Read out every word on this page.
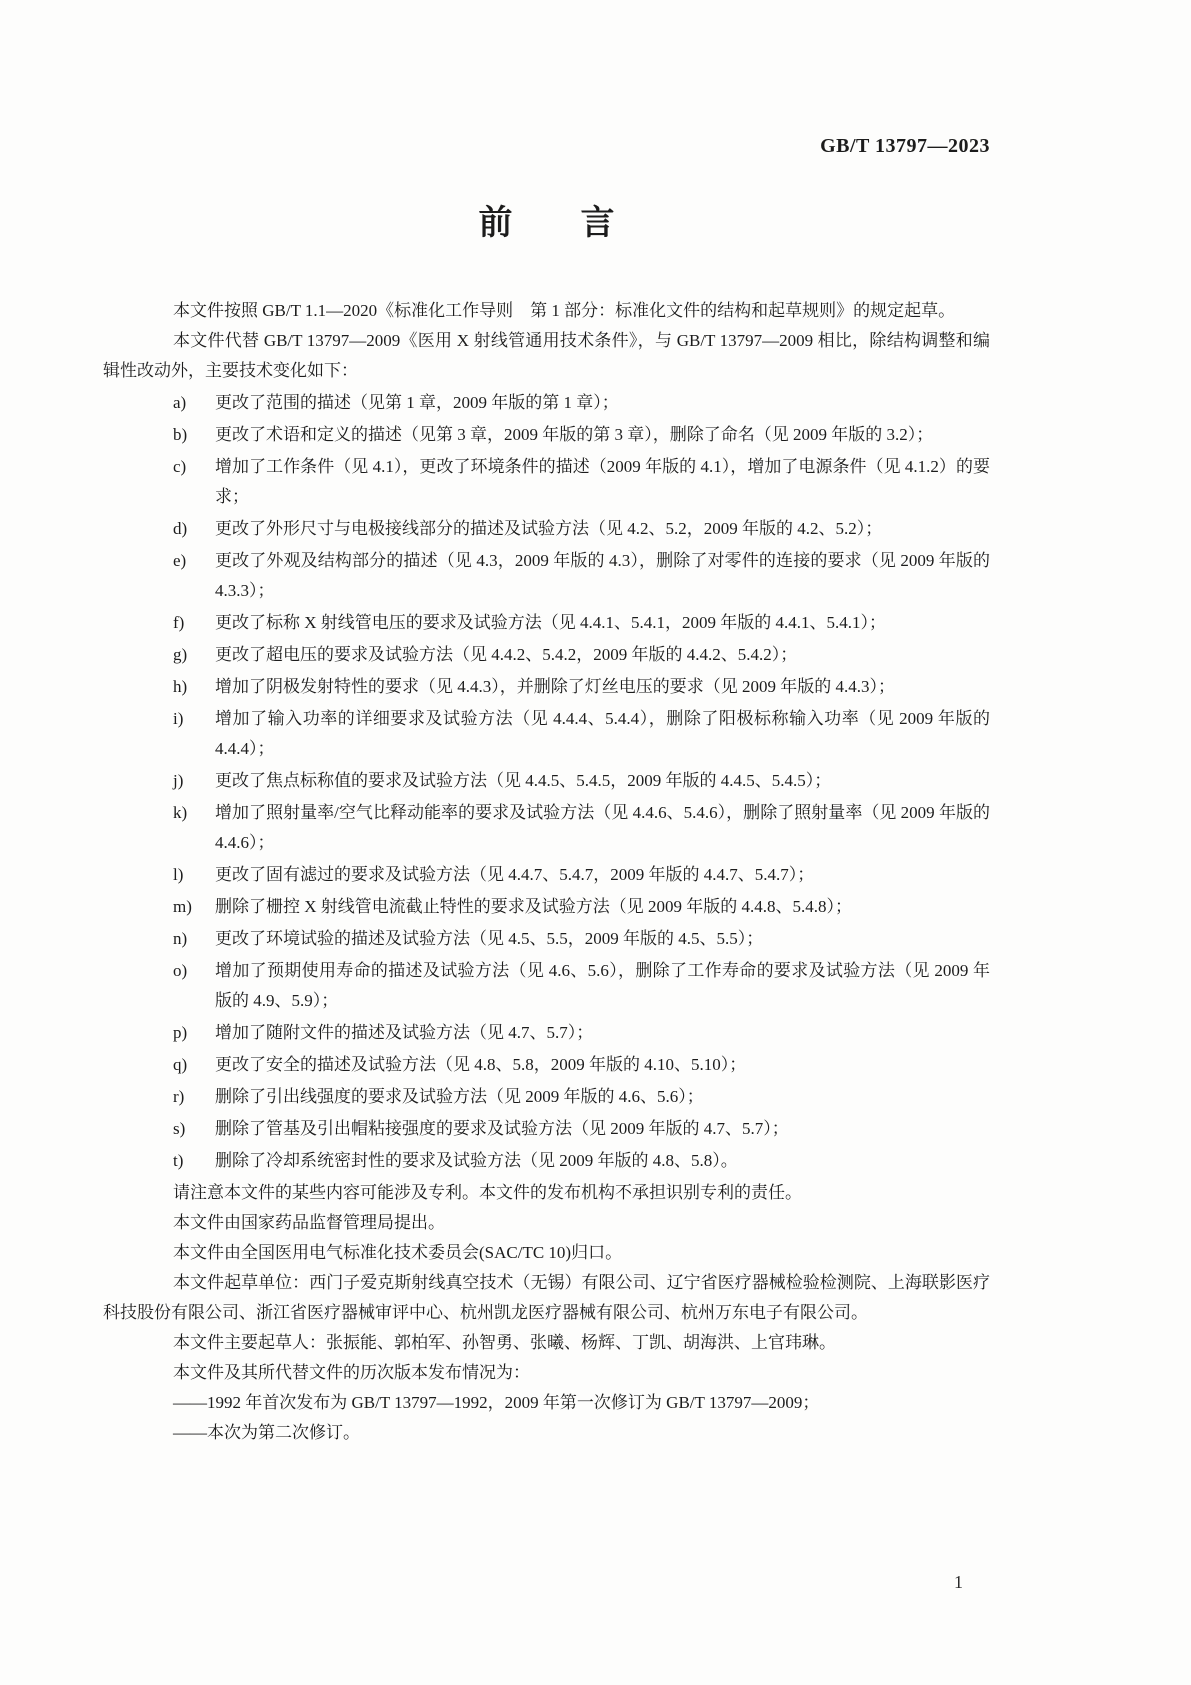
GB/T 13797—2023
前　　言

本文件按照 GB/T 1.1—2020《标准化工作导则　第 1 部分：标准化文件的结构和起草规则》的规定起草。

本文件代替 GB/T 13797—2009《医用 X 射线管通用技术条件》，与 GB/T 13797—2009 相比，除结构调整和编辑性改动外，主要技术变化如下：

a)	更改了范围的描述（见第 1 章，2009 年版的第 1 章）；
b)	更改了术语和定义的描述（见第 3 章，2009 年版的第 3 章），删除了命名（见 2009 年版的 3.2）；
c)	增加了工作条件（见 4.1），更改了环境条件的描述（2009 年版的 4.1），增加了电源条件（见 4.1.2）的要求；
d)	更改了外形尺寸与电极接线部分的描述及试验方法（见 4.2、5.2，2009 年版的 4.2、5.2）；
e)	更改了外观及结构部分的描述（见 4.3，2009 年版的 4.3），删除了对零件的连接的要求（见 2009 年版的 4.3.3）；
f)	更改了标称 X 射线管电压的要求及试验方法（见 4.4.1、5.4.1，2009 年版的 4.4.1、5.4.1）；
g)	更改了超电压的要求及试验方法（见 4.4.2、5.4.2，2009 年版的 4.4.2、5.4.2）；
h)	增加了阴极发射特性的要求（见 4.4.3），并删除了灯丝电压的要求（见 2009 年版的 4.4.3）；
i)	增加了输入功率的详细要求及试验方法（见 4.4.4、5.4.4），删除了阳极标称输入功率（见 2009 年版的 4.4.4）；
j)	更改了焦点标称值的要求及试验方法（见 4.4.5、5.4.5，2009 年版的 4.4.5、5.4.5）；
k)	增加了照射量率/空气比释动能率的要求及试验方法（见 4.4.6、5.4.6），删除了照射量率（见 2009 年版的 4.4.6）；
l)	更改了固有滤过的要求及试验方法（见 4.4.7、5.4.7，2009 年版的 4.4.7、5.4.7）；
m)	删除了栅控 X 射线管电流截止特性的要求及试验方法（见 2009 年版的 4.4.8、5.4.8）；
n)	更改了环境试验的描述及试验方法（见 4.5、5.5，2009 年版的 4.5、5.5）；
o)	增加了预期使用寿命的描述及试验方法（见 4.6、5.6），删除了工作寿命的要求及试验方法（见 2009 年版的 4.9、5.9）；
p)	增加了随附文件的描述及试验方法（见 4.7、5.7）；
q)	更改了安全的描述及试验方法（见 4.8、5.8，2009 年版的 4.10、5.10）；
r)	删除了引出线强度的要求及试验方法（见 2009 年版的 4.6、5.6）；
s)	删除了管基及引出帽粘接强度的要求及试验方法（见 2009 年版的 4.7、5.7）；
t)	删除了冷却系统密封性的要求及试验方法（见 2009 年版的 4.8、5.8）。

请注意本文件的某些内容可能涉及专利。本文件的发布机构不承担识别专利的责任。

本文件由国家药品监督管理局提出。

本文件由全国医用电气标准化技术委员会(SAC/TC 10)归口。

本文件起草单位：西门子爱克斯射线真空技术（无锡）有限公司、辽宁省医疗器械检验检测院、上海联影医疗科技股份有限公司、浙江省医疗器械审评中心、杭州凯龙医疗器械有限公司、杭州万东电子有限公司。

本文件主要起草人：张振能、郭柏军、孙智勇、张曦、杨辉、丁凯、胡海洪、上官玮琳。

本文件及其所代替文件的历次版本发布情况为：

——1992 年首次发布为 GB/T 13797—1992，2009 年第一次修订为 GB/T 13797—2009；

——本次为第二次修订。

1
